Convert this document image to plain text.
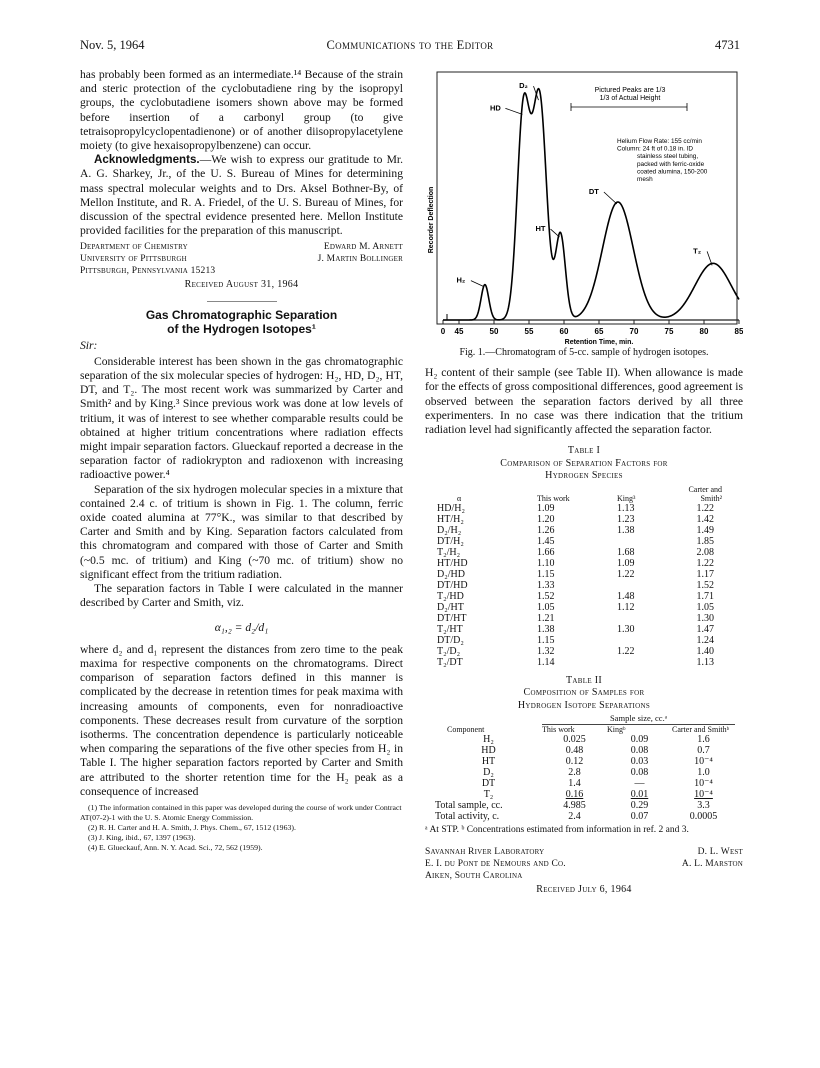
Nov. 5, 1964	Communications to the Editor	4731

has probably been formed as an intermediate.¹⁴ Because of the strain and steric protection of the cyclobutadiene ring by the isopropyl groups, the cyclobutadiene isomers shown above may be formed before insertion of a carbonyl group (to give tetraisopropylcyclopentadienone) or of another diisopropylacetylene moiety (to give hexaisopropylbenzene) can occur.

Acknowledgments.—We wish to express our gratitude to Mr. A. G. Sharkey, Jr., of the U. S. Bureau of Mines for determining mass spectral molecular weights and to Drs. Aksel Bothner-By, of Mellon Institute, and R. A. Friedel, of the U. S. Bureau of Mines, for discussion of the spectral evidence presented here. Mellon Institute provided facilities for the preparation of this manuscript.

Department of Chemistry
University of Pittsburgh
Pittsburgh, Pennsylvania 15213
Edward M. Arnett
J. Martin Bollinger
Received August 31, 1964
Gas Chromatographic Separation
of the Hydrogen Isotopes¹
Sir:

Considerable interest has been shown in the gas chromatographic separation of the six molecular species of hydrogen: H₂, HD, D₂, HT, DT, and T₂. The most recent work was summarized by Carter and Smith² and by King.³ Since previous work was done at low levels of tritium, it was of interest to see whether comparable results could be obtained at higher tritium concentrations where radiation effects might impair separation factors. Glueckauf reported a decrease in the separation factor of radiokrypton and radioxenon with increasing radioactive power.⁴

Separation of the six hydrogen molecular species in a mixture that contained 2.4 c. of tritium is shown in Fig. 1. The column, ferric oxide coated alumina at 77°K., was similar to that described by Carter and Smith and by King. Separation factors calculated from this chromatogram and compared with those of Carter and Smith (~0.5 mc. of tritium) and King (~70 mc. of tritium) show no significant effect from the tritium radiation.

The separation factors in Table I were calculated in the manner described by Carter and Smith, viz.

α₁,₂ = d₂/d₁

where d₂ and d₁ represent the distances from zero time to the peak maxima for respective components on the chromatograms. Direct comparison of separation factors defined in this manner is complicated by the decrease in retention times for peak maxima with increasing amounts of components, even for nonradioactive components. These decreases result from curvature of the sorption isotherms. The concentration dependence is particularly noticeable when comparing the separations of the five other species from H₂ in Table I. The higher separation factors reported by Carter and Smith are attributed to the shorter retention time for the H₂ peak as a consequence of increased

(1) The information contained in this paper was developed during the course of work under Contract AT(07-2)-1 with the U. S. Atomic Energy Commission.
(2) R. H. Carter and H. A. Smith, J. Phys. Chem., 67, 1512 (1963).
(3) J. King, ibid., 67, 1397 (1963).
(4) E. Glueckauf, Ann. N. Y. Acad. Sci., 72, 562 (1959).
0 45	50	55	60	65	70	75	80	85
Retention Time, min.
Recorder Deflection
H₂
HD
D₂
HT
DT
T₂
Pictured Peaks are 1/3
1/3 of Actual Height
Helium Flow Rate: 155 cc/min
Column: 24 ft of 0.18 in. ID
stainless steel tubing,
packed with ferric-oxide
coated alumina, 150-200
mesh
Fig. 1.—Chromatogram of 5-cc. sample of hydrogen isotopes.

H₂ content of their sample (see Table II). When allowance is made for the effects of gross compositional differences, good agreement is observed between the separation factors derived by all three experimenters. In no case was there indication that the tritium radiation level had significantly affected the separation factor.

Table I
Comparison of Separation Factors for
Hydrogen Species
α	This work	King³	Carter and Smith²
HD/H₂	1.09	1.13	1.22
HT/H₂	1.20	1.23	1.42
D₂/H₂	1.26	1.38	1.49
DT/H₂	1.45		1.85
T₂/H₂	1.66	1.68	2.08
HT/HD	1.10	1.09	1.22
D₂/HD	1.15	1.22	1.17
DT/HD	1.33		1.52
T₂/HD	1.52	1.48	1.71
D₂/HT	1.05	1.12	1.05
DT/HT	1.21		1.30
T₂/HT	1.38	1.30	1.47
DT/D₂	1.15		1.24
T₂/D₂	1.32	1.22	1.40
T₂/DT	1.14		1.13
Table II
Composition of Samples for
Hydrogen Isotope Separations
	Sample size, cc.ᵃ		
Component	This work	Kingᵇ	Carter and Smithᵇ
H₂	0.025	0.09	1.6
HD	0.48	0.08	0.7
HT	0.12	0.03	10⁻⁴
D₂	2.8	0.08	1.0
DT	1.4	—	10⁻⁴
T₂	0.16	0.01	10⁻⁴
Total sample, cc.	4.985	0.29	3.3
Total activity, c.	2.4	0.07	0.0005
ᵃ At STP. ᵇ Concentrations estimated from information in ref. 2 and 3.
Savannah River Laboratory
E. I. du Pont de Nemours and Co.
Aiken, South Carolina
D. L. West
A. L. Marston
Received July 6, 1964
